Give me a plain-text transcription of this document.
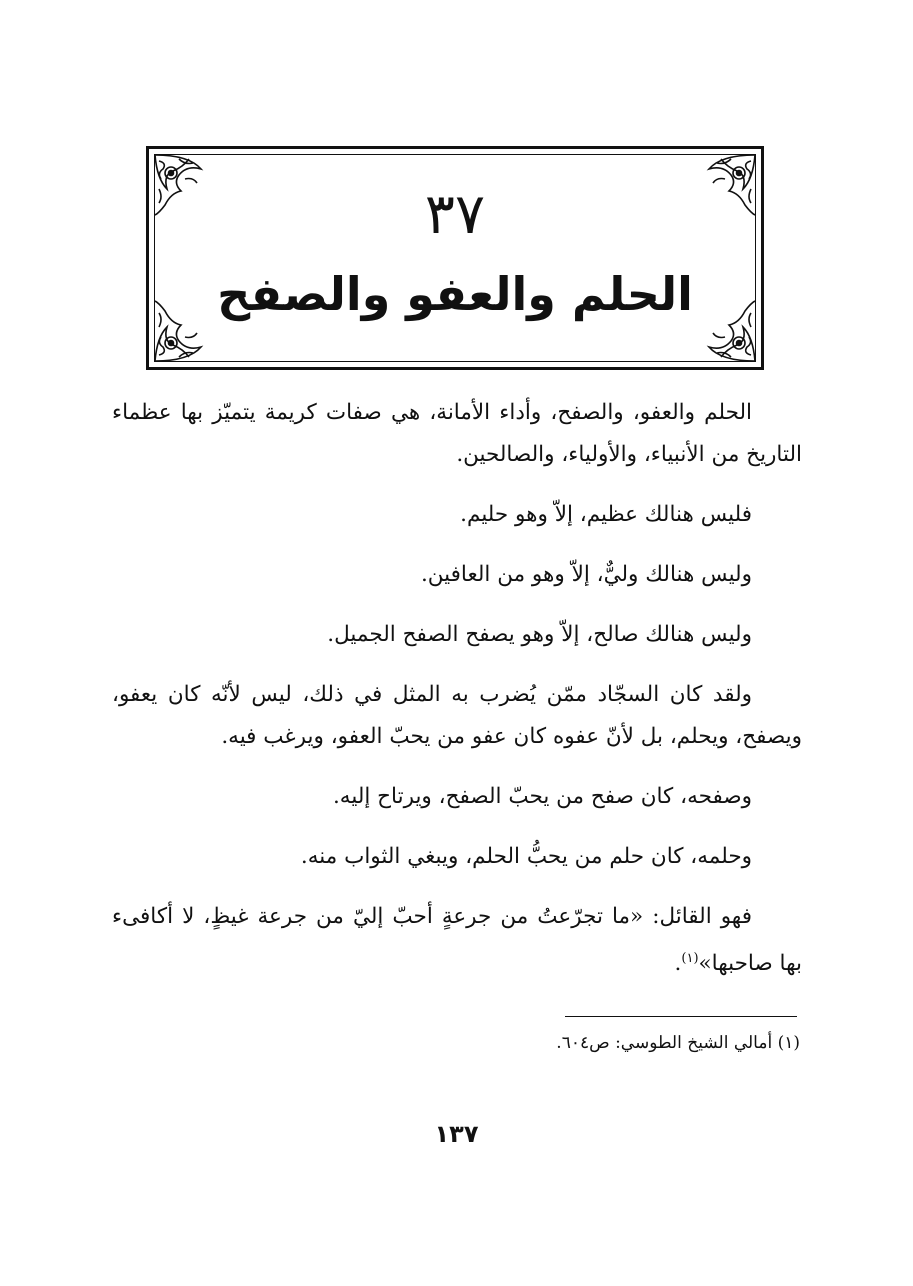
٣٧
الحلم والعفو والصفح

الحلم والعفو، والصفح، وأداء الأمانة، هي صفات كريمة يتميّز بها عظماء التاريخ من الأنبياء، والأولياء، والصالحين.

فليس هنالك عظيم، إلاّ وهو حليم.

وليس هنالك وليٌّ، إلاّ وهو من العافين.

وليس هنالك صالح، إلاّ وهو يصفح الصفح الجميل.

ولقد كان السجّاد ممّن يُضرب به المثل في ذلك، ليس لأنّه كان يعفو، ويصفح، ويحلم، بل لأنّ عفوه كان عفو من يحبّ العفو، ويرغب فيه.

وصفحه، كان صفح من يحبّ الصفح، ويرتاح إليه.

وحلمه، كان حلم من يحبُّ الحلم، ويبغي الثواب منه.

فهو القائل: «ما تجرّعتُ من جرعةٍ أحبّ إليّ من جرعة غيظٍ، لا أكافىء بها صاحبها»$^{(١)}$.

(١) أمالي الشيخ الطوسي: ص٦٠٤.
١٣٧
